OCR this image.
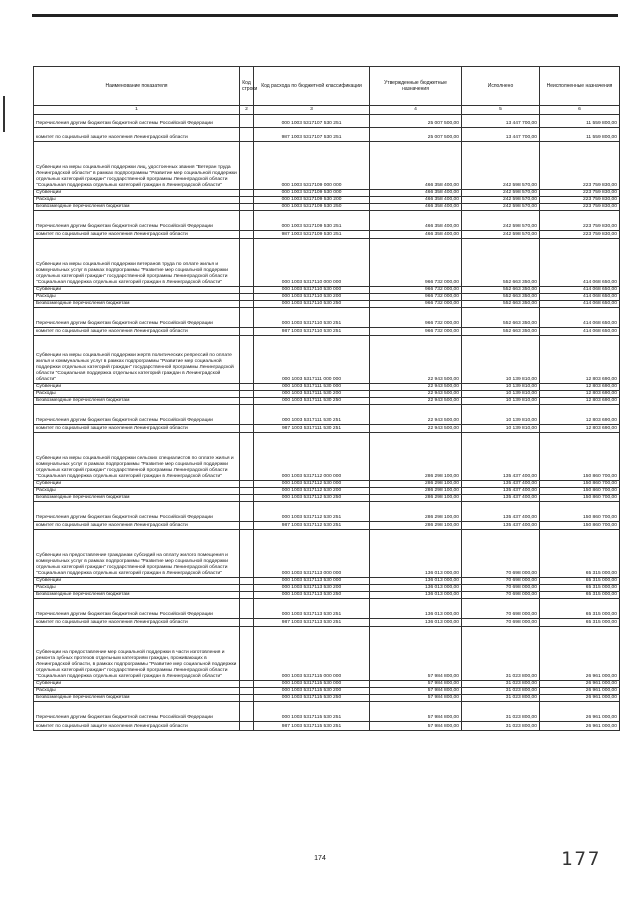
Наименование показателя	Код строки	Код расхода по бюджетной классификации	Утвержденные бюджетные назначения	Исполнено	Неисполненные назначения
1	2	3	4	5	6
Перечисления другим бюджетам бюджетной системы Российской Федерации		000 1003 5317107 530 251	25 007 500,00	13 447 700,00	11 559 800,00
комитет по социальной защите населения Ленинградской области		987 1003 5317107 530 251	25 007 500,00	13 447 700,00	11 559 800,00
Субвенции на меры социальной поддержки лиц, удостоенных звания "Ветеран труда Ленинградской области" в рамках подпрограммы "Развитие мер социальной поддержки отдельных категорий граждан" государственной программы Ленинградской области "Социальная поддержка отдельных категорий граждан в Ленинградской области"		000 1003 5317109 000 000	466 358 400,00	242 598 570,00	223 759 830,00
Субвенции		000 1003 5317109 530 000	466 358 400,00	242 598 570,00	223 759 830,00
Расходы		000 1003 5317109 530 200	466 358 400,00	242 598 570,00	223 759 830,00
Безвозмездные перечисления бюджетам		000 1003 5317109 530 250	466 358 400,00	242 598 570,00	223 759 830,00
Перечисления другим бюджетам бюджетной системы Российской Федерации		000 1003 5317109 530 251	466 358 400,00	242 598 570,00	223 759 830,00
комитет по социальной защите населения Ленинградской области		987 1003 5317109 530 251	466 358 400,00	242 598 570,00	223 759 830,00
Субвенции на меры социальной поддержки ветеранов труда по оплате жилья и коммунальных услуг в рамках подпрограммы "Развитие мер социальной поддержки отдельных категорий граждан" государственной программы Ленинградской области "Социальная поддержка отдельных категорий граждан в Ленинградской области"		000 1003 5317110 000 000	966 732 000,00	552 663 350,00	414 068 650,00
Субвенции		000 1003 5317110 530 000	966 732 000,00	552 663 350,00	414 068 650,00
Расходы		000 1003 5317110 530 200	966 732 000,00	552 663 350,00	414 068 650,00
Безвозмездные перечисления бюджетам		000 1003 5317110 530 250	966 732 000,00	552 663 350,00	414 068 650,00
Перечисления другим бюджетам бюджетной системы Российской Федерации		000 1003 5317110 530 251	966 732 000,00	552 663 350,00	414 068 650,00
комитет по социальной защите населения Ленинградской области		987 1003 5317110 530 251	966 732 000,00	552 663 350,00	414 068 650,00
Субвенции на меры социальной поддержки жертв политических репрессий по оплате жилья и коммунальных услуг в рамках подпрограммы "Развитие мер социальной поддержки отдельных категорий граждан" государственной программы Ленинградской области "Социальная поддержка отдельных категорий граждан в Ленинградской области"		000 1003 5317111 000 000	22 943 500,00	10 139 810,00	12 803 690,00
Субвенции		000 1003 5317111 530 000	22 943 500,00	10 139 810,00	12 803 690,00
Расходы		000 1003 5317111 530 200	22 943 500,00	10 139 810,00	12 803 690,00
Безвозмездные перечисления бюджетам		000 1003 5317111 530 250	22 943 500,00	10 139 810,00	12 803 690,00
Перечисления другим бюджетам бюджетной системы Российской Федерации		000 1003 5317111 530 251	22 943 500,00	10 139 810,00	12 803 690,00
комитет по социальной защите населения Ленинградской области		987 1003 5317111 530 251	22 943 500,00	10 139 810,00	12 803 690,00
Субвенции на меры социальной поддержки сельских специалистов по оплате жилья и коммунальных услуг в рамках подпрограммы "Развитие мер социальной поддержки отдельных категорий граждан" государственной программы Ленинградской области "Социальная поддержка отдельных категорий граждан в Ленинградской области"		000 1003 5317112 000 000	286 298 100,00	135 437 400,00	150 860 700,00
Субвенции		000 1003 5317112 530 000	286 298 100,00	135 437 400,00	150 860 700,00
Расходы		000 1003 5317112 530 200	286 298 100,00	135 437 400,00	150 860 700,00
Безвозмездные перечисления бюджетам		000 1003 5317112 530 250	286 298 100,00	135 437 400,00	150 860 700,00
Перечисления другим бюджетам бюджетной системы Российской Федерации		000 1003 5317112 530 251	286 298 100,00	135 437 400,00	150 860 700,00
комитет по социальной защите населения Ленинградской области		987 1003 5317112 530 251	286 298 100,00	135 437 400,00	150 860 700,00
Субвенции на предоставление гражданам субсидий на оплату жилого помещения и коммунальных услуг в рамках подпрограммы "Развитие мер социальной поддержки отдельных категорий граждан" государственной программы Ленинградской области "Социальная поддержка отдельных категорий граждан в Ленинградской области"		000 1003 5317113 000 000	136 013 000,00	70 698 000,00	65 315 000,00
Субвенции		000 1003 5317113 530 000	136 013 000,00	70 698 000,00	65 315 000,00
Расходы		000 1003 5317113 530 200	136 013 000,00	70 698 000,00	65 315 000,00
Безвозмездные перечисления бюджетам		000 1003 5317113 530 250	136 013 000,00	70 698 000,00	65 315 000,00
Перечисления другим бюджетам бюджетной системы Российской Федерации		000 1003 5317113 530 251	136 013 000,00	70 698 000,00	65 315 000,00
комитет по социальной защите населения Ленинградской области		987 1003 5317113 530 251	136 013 000,00	70 698 000,00	65 315 000,00
Субвенции на предоставление мер социальной поддержки в части изготовления и ремонта зубных протезов отдельным категориям граждан, проживающих в Ленинградской области, в рамках подпрограммы "Развитие мер социальной поддержки отдельных категорий граждан" государственной программы Ленинградской области "Социальная поддержка отдельных категорий граждан в Ленинградской области"		000 1003 5317115 000 000	57 984 800,00	31 023 800,00	26 961 000,00
Субвенции		000 1003 5317115 530 000	57 984 800,00	31 023 800,00	26 961 000,00
Расходы		000 1003 5317115 530 200	57 984 800,00	31 023 800,00	26 961 000,00
Безвозмездные перечисления бюджетам		000 1003 5317115 530 250	57 984 800,00	31 023 800,00	26 961 000,00
Перечисления другим бюджетам бюджетной системы Российской Федерации		000 1003 5317115 530 251	57 984 800,00	31 023 800,00	26 961 000,00
комитет по социальной защите населения Ленинградской области		987 1003 5317115 530 251	57 984 800,00	31 023 800,00	26 961 000,00
174	177
